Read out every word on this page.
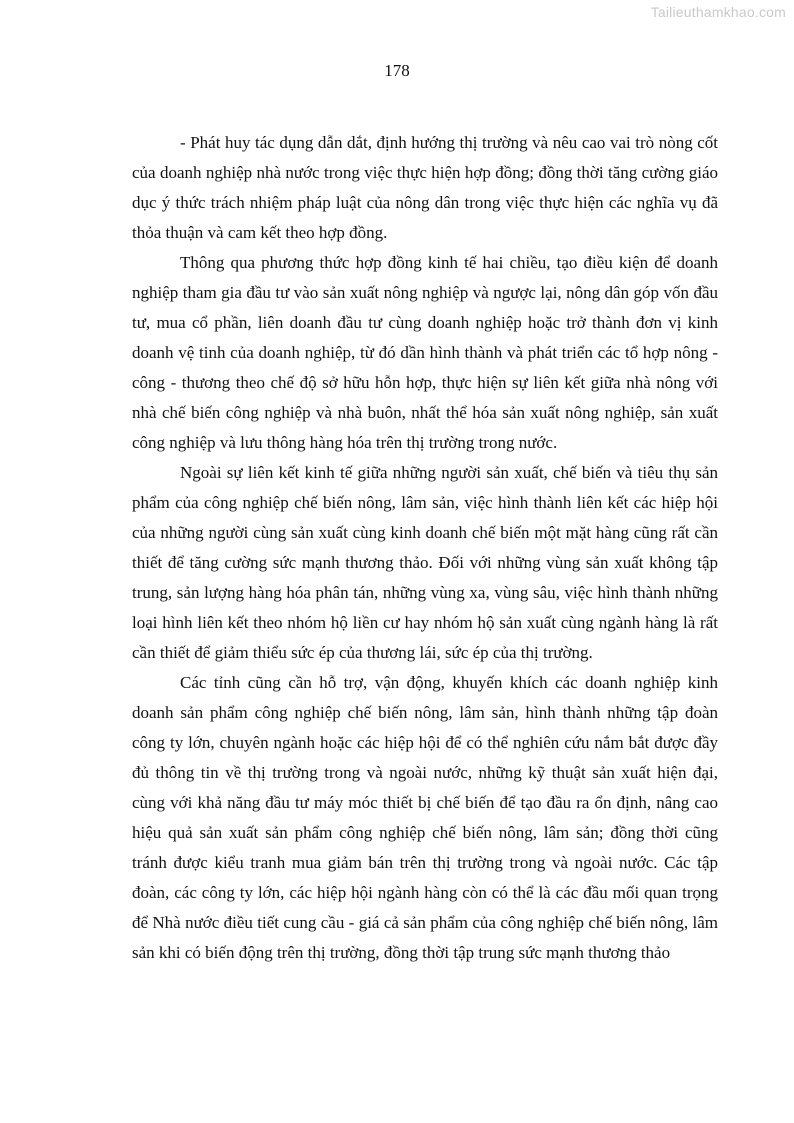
Tailieuthamkhao.com
178

- Phát huy tác dụng dẫn dắt, định hướng thị trường và nêu cao vai trò nòng cốt của doanh nghiệp nhà nước trong việc thực hiện hợp đồng; đồng thời tăng cường giáo dục ý thức trách nhiệm pháp luật của nông dân trong việc thực hiện các nghĩa vụ đã thỏa thuận và cam kết theo hợp đồng.

Thông qua phương thức hợp đồng kinh tế hai chiều, tạo điều kiện để doanh nghiệp tham gia đầu tư vào sản xuất nông nghiệp và ngược lại, nông dân góp vốn đầu tư, mua cổ phần, liên doanh đầu tư cùng doanh nghiệp hoặc trở thành đơn vị kinh doanh vệ tinh của doanh nghiệp, từ đó dần hình thành và phát triển các tổ hợp nông - công - thương theo chế độ sở hữu hỗn hợp, thực hiện sự liên kết giữa nhà nông với nhà chế biến công nghiệp và nhà buôn, nhất thể hóa sản xuất nông nghiệp, sản xuất công nghiệp và lưu thông hàng hóa trên thị trường trong nước.

Ngoài sự liên kết kinh tế giữa những người sản xuất, chế biến và tiêu thụ sản phẩm của công nghiệp chế biến nông, lâm sản, việc hình thành liên kết các hiệp hội của những người cùng sản xuất cùng kinh doanh chế biến một mặt hàng cũng rất cần thiết để tăng cường sức mạnh thương thảo. Đối với những vùng sản xuất không tập trung, sản lượng hàng hóa phân tán, những vùng xa, vùng sâu, việc hình thành những loại hình liên kết theo nhóm hộ liền cư hay nhóm hộ sản xuất cùng ngành hàng là rất cần thiết để giảm thiểu sức ép của thương lái, sức ép của thị trường.

Các tỉnh cũng cần hỗ trợ, vận động, khuyến khích các doanh nghiệp kinh doanh sản phẩm công nghiệp chế biến nông, lâm sản, hình thành những tập đoàn công ty lớn, chuyên ngành hoặc các hiệp hội để có thể nghiên cứu nắm bắt được đầy đủ thông tin về thị trường trong và ngoài nước, những kỹ thuật sản xuất hiện đại, cùng với khả năng đầu tư máy móc thiết bị chế biến để tạo đầu ra ổn định, nâng cao hiệu quả sản xuất sản phẩm công nghiệp chế biến nông, lâm sản; đồng thời cũng tránh được kiểu tranh mua giảm bán trên thị trường trong và ngoài nước. Các tập đoàn, các công ty lớn, các hiệp hội ngành hàng còn có thể là các đầu mối quan trọng để Nhà nước điều tiết cung cầu - giá cả sản phẩm của công nghiệp chế biến nông, lâm sản khi có biến động trên thị trường, đồng thời tập trung sức mạnh thương thảo
